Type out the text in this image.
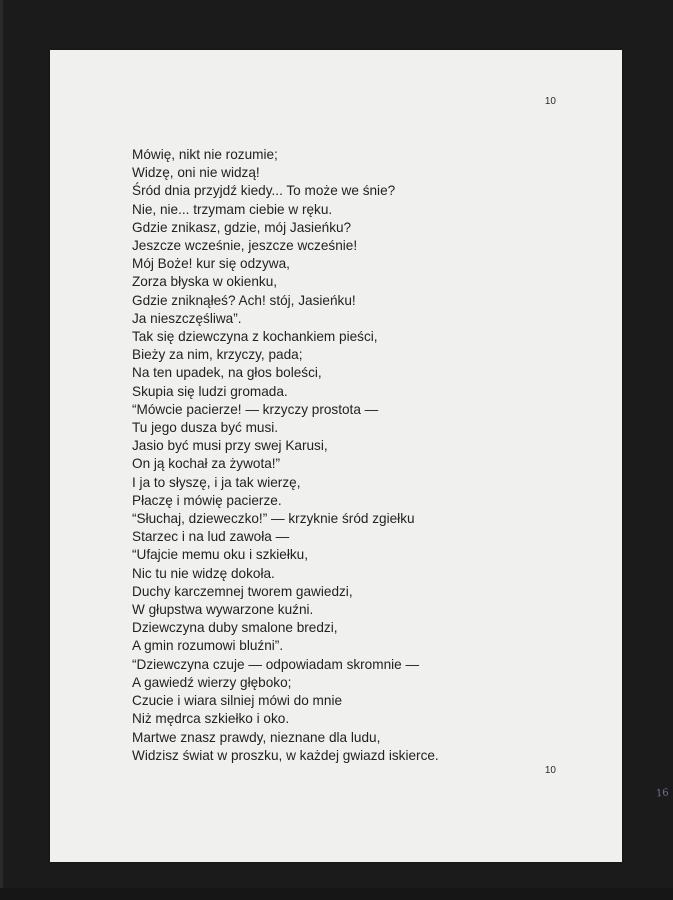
10
Mówię, nikt nie rozumie;
Widzę, oni nie widzą!
Śród dnia przyjdź kiedy... To może we śnie?
Nie, nie... trzymam ciebie w ręku.
Gdzie znikasz, gdzie, mój Jasieńku?
Jeszcze wcześnie, jeszcze wcześnie!
Mój Boże! kur się odzywa,
Zorza błyska w okienku,
Gdzie zniknąłeś? Ach! stój, Jasieńku!
Ja nieszczęśliwa”.
Tak się dziewczyna z kochankiem pieści,
Bieży za nim, krzyczy, pada;
Na ten upadek, na głos boleści,
Skupia się ludzi gromada.
“Mówcie pacierze! — krzyczy prostota —
Tu jego dusza być musi.
Jasio być musi przy swej Karusi,
On ją kochał za żywota!”
I ja to słyszę, i ja tak wierzę,
Płaczę i mówię pacierze.
“Słuchaj, dzieweczko!” — krzyknie śród zgiełku
Starzec i na lud zawoła —
“Ufajcie memu oku i szkiełku,
Nic tu nie widzę dokoła.
Duchy karczemnej tworem gawiedzi,
W głupstwa wywarzone kuźni.
Dziewczyna duby smalone bredzi,
A gmin rozumowi bluźni”.
“Dziewczyna czuje — odpowiadam skromnie —
A gawiedź wierzy głęboko;
Czucie i wiara silniej mówi do mnie
Niż mędrca szkiełko i oko.
Martwe znasz prawdy, nieznane dla ludu,
Widzisz świat w proszku, w każdej gwiazd iskierce.
10
16
